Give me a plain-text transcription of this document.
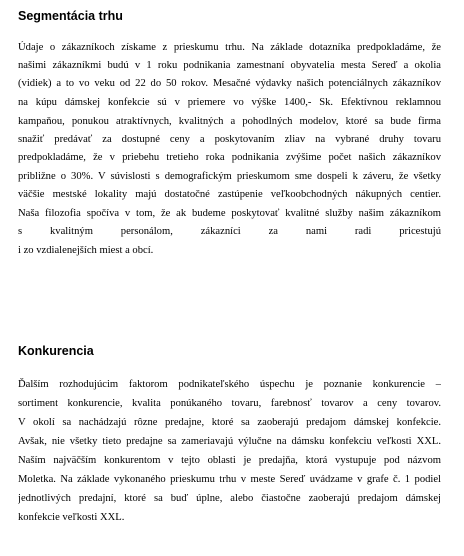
Segmentácia trhu

Údaje o zákazníkoch získame z prieskumu trhu. Na základe dotazníka predpokladáme, že

našimi zákazníkmi budú v 1 roku podnikania zamestnaní obyvatelia mesta Sereď a okolia

(vidiek) a to vo veku od 22 do 50 rokov. Mesačné výdavky našich potenciálnych zákazníkov

na kúpu dámskej konfekcie sú v priemere vo výške 1400,- Sk. Efektívnou reklamnou

kampaňou, ponukou atraktívnych, kvalitných a pohodlných modelov, ktoré sa bude firma

snažiť predávať za dostupné ceny a poskytovaním zliav na vybrané druhy tovaru

predpokladáme, že v priebehu tretieho roka podnikania zvýšime počet našich zákazníkov

približne o 30%. V súvislosti s demografickým prieskumom sme dospeli k záveru, že všetky

väčšie mestské lokality majú dostatočné zastúpenie veľkoobchodných nákupných centier.

Naša filozofia spočíva v tom, že ak budeme poskytovať kvalitné služby našim zákazníkom

s kvalitným personálom, zákazníci za nami radi pricestujú

i zo vzdialenejších miest a obcí.

Konkurencia

Ďalším rozhodujúcim faktorom podnikateľského úspechu je poznanie konkurencie –

sortiment konkurencie, kvalita ponúkaného tovaru, farebnosť tovarov a ceny tovarov.

V okolí sa nachádzajú rôzne predajne, ktoré sa zaoberajú predajom dámskej konfekcie.

Avšak, nie všetky tieto predajne sa zameriavajú výlučne na dámsku konfekciu veľkosti XXL.

Naším najväčším konkurentom v tejto oblasti je predajňa, ktorá vystupuje pod názvom

Moletka. Na základe vykonaného prieskumu trhu v meste Sereď uvádzame v grafe č. 1 podiel

jednotlivých predajní, ktoré sa buď úplne, alebo čiastočne zaoberajú predajom dámskej

konfekcie veľkosti XXL.
